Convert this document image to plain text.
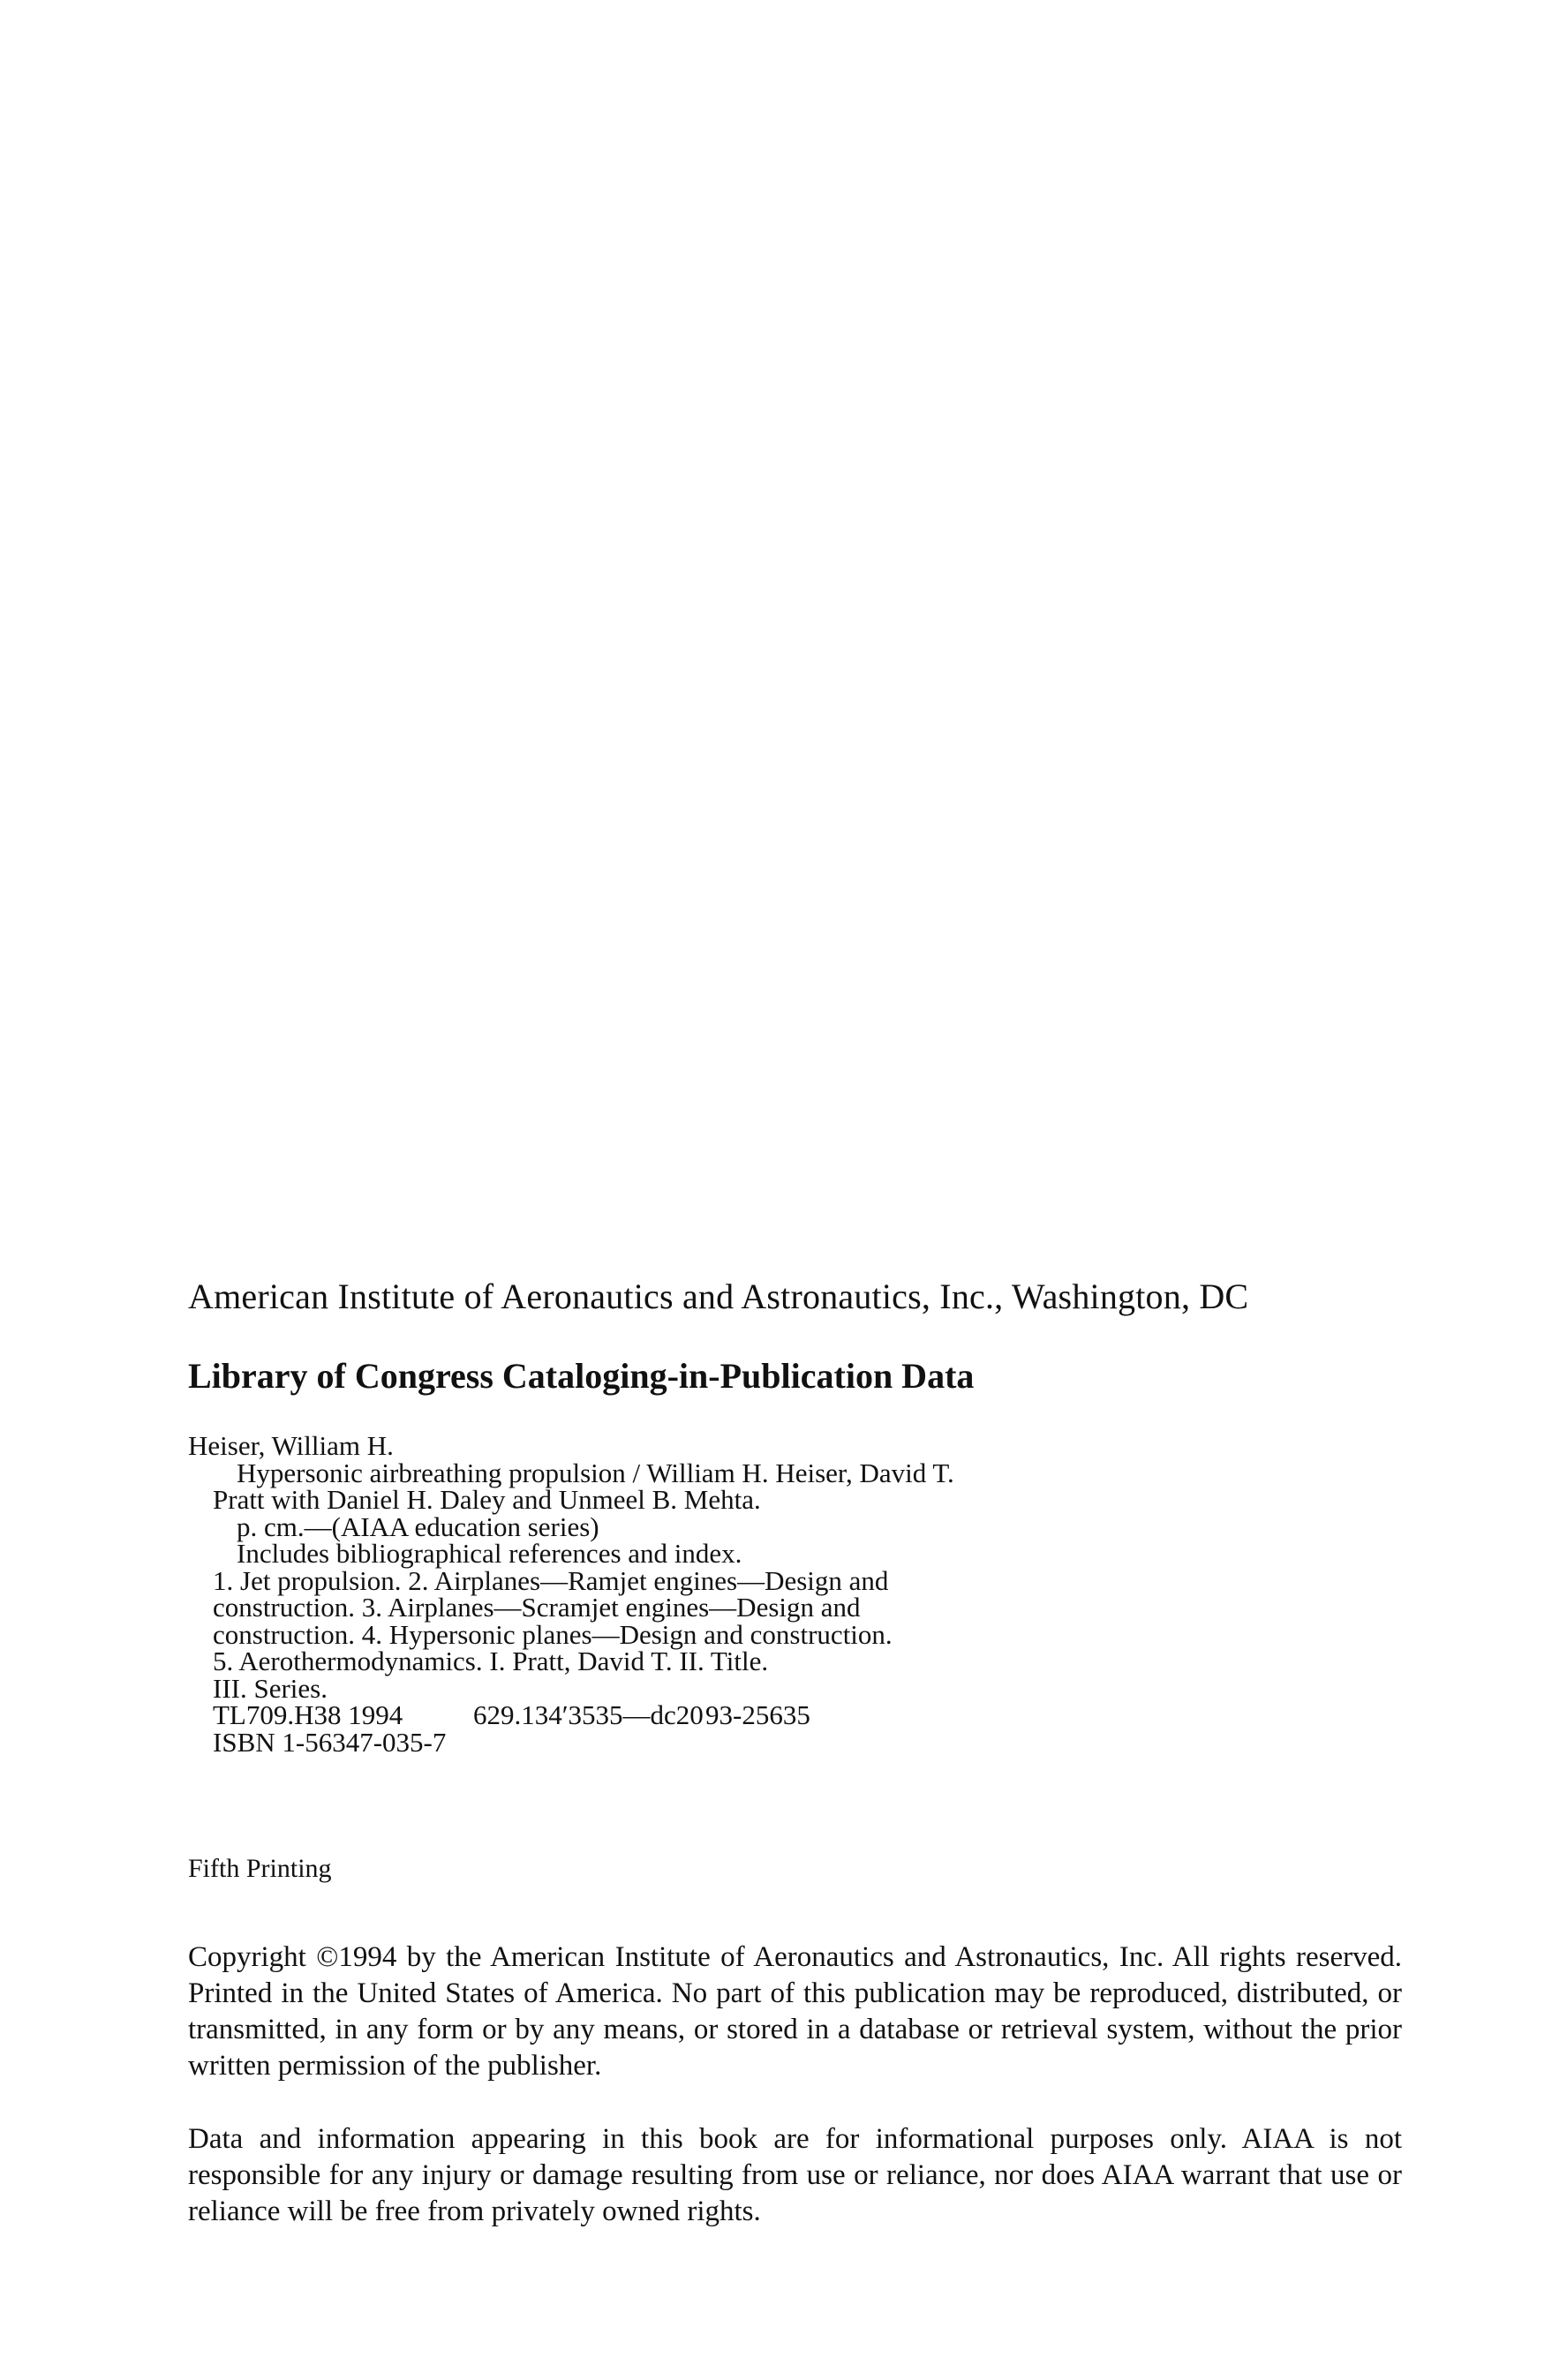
American Institute of Aeronautics and Astronautics, Inc., Washington, DC
Library of Congress Cataloging-in-Publication Data
Heiser, William H.
Hypersonic airbreathing propulsion / William H. Heiser, David T.
Pratt with Daniel H. Daley and Unmeel B. Mehta.
p. cm.—(AIAA education series)
Includes bibliographical references and index.
1. Jet propulsion. 2. Airplanes—Ramjet engines—Design and
construction. 3. Airplanes—Scramjet engines—Design and
construction. 4. Hypersonic planes—Design and construction.
5. Aerothermodynamics. I. Pratt, David T. II. Title.
III. Series.
TL709.H38 1994	629.134′3535—dc20 93-25635
ISBN 1-56347-035-7
Fifth Printing
Copyright ©1994 by the American Institute of Aeronautics and Astronautics, Inc. All rights reserved. Printed in the United States of America. No part of this publication may be reproduced, distributed, or transmitted, in any form or by any means, or stored in a database or retrieval system, without the prior written permission of the publisher.
Data and information appearing in this book are for informational purposes only. AIAA is not responsible for any injury or damage resulting from use or reliance, nor does AIAA warrant that use or reliance will be free from privately owned rights.
